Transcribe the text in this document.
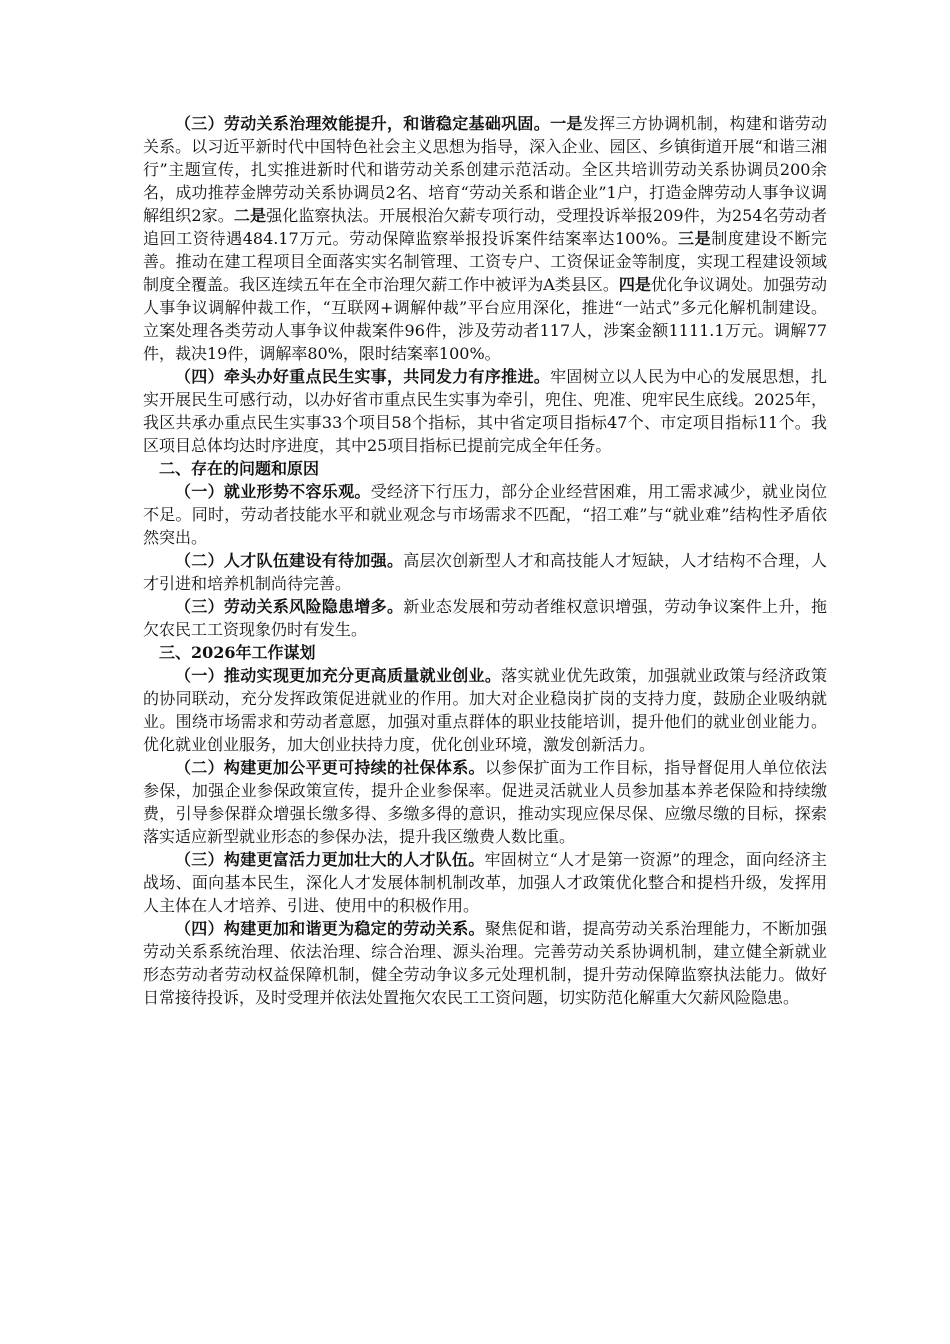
（三）劳动关系治理效能提升，和谐稳定基础巩固。一是发挥三方协调机制，构建和谐劳动关系。以习近平新时代中国特色社会主义思想为指导，深入企业、园区、乡镇街道开展“和谐三湘行”主题宣传，扎实推进新时代和谐劳动关系创建示范活动。全区共培训劳动关系协调员200余名，成功推荐金牌劳动关系协调员2名、培育“劳动关系和谐企业”1户，打造金牌劳动人事争议调解组织2家。二是强化监察执法。开展根治欠薪专项行动，受理投诉举报209件，为254名劳动者追回工资待遇484.17万元。劳动保障监察举报投诉案件结案率达100%。三是制度建设不断完善。推动在建工程项目全面落实实名制管理、工资专户、工资保证金等制度，实现工程建设领域制度全覆盖。我区连续五年在全市治理欠薪工作中被评为A类县区。四是优化争议调处。加强劳动人事争议调解仲裁工作，“互联网+调解仲裁”平台应用深化，推进“一站式”多元化解机制建设。立案处理各类劳动人事争议仲裁案件96件，涉及劳动者117人，涉案金额1111.1万元。调解77件，裁决19件，调解率80%，限时结案率100%。

（四）牵头办好重点民生实事，共同发力有序推进。牢固树立以人民为中心的发展思想，扎实开展民生可感行动，以办好省市重点民生实事为牵引，兜住、兜准、兜牢民生底线。2025年，我区共承办重点民生实事33个项目58个指标，其中省定项目指标47个、市定项目指标11个。我区项目总体均达时序进度，其中25项目指标已提前完成全年任务。

二、存在的问题和原因

（一）就业形势不容乐观。受经济下行压力，部分企业经营困难，用工需求减少，就业岗位不足。同时，劳动者技能水平和就业观念与市场需求不匹配，“招工难”与“就业难”结构性矛盾依然突出。

（二）人才队伍建设有待加强。高层次创新型人才和高技能人才短缺，人才结构不合理，人才引进和培养机制尚待完善。

（三）劳动关系风险隐患增多。新业态发展和劳动者维权意识增强，劳动争议案件上升，拖欠农民工工资现象仍时有发生。

三、2026年工作谋划

（一）推动实现更加充分更高质量就业创业。落实就业优先政策，加强就业政策与经济政策的协同联动，充分发挥政策促进就业的作用。加大对企业稳岗扩岗的支持力度，鼓励企业吸纳就业。围绕市场需求和劳动者意愿，加强对重点群体的职业技能培训，提升他们的就业创业能力。优化就业创业服务，加大创业扶持力度，优化创业环境，激发创新活力。

（二）构建更加公平更可持续的社保体系。以参保扩面为工作目标，指导督促用人单位依法参保，加强企业参保政策宣传，提升企业参保率。促进灵活就业人员参加基本养老保险和持续缴费，引导参保群众增强长缴多得、多缴多得的意识，推动实现应保尽保、应缴尽缴的目标，探索落实适应新型就业形态的参保办法，提升我区缴费人数比重。

（三）构建更富活力更加壮大的人才队伍。牢固树立“人才是第一资源”的理念，面向经济主战场、面向基本民生，深化人才发展体制机制改革，加强人才政策优化整合和提档升级，发挥用人主体在人才培养、引进、使用中的积极作用。

（四）构建更加和谐更为稳定的劳动关系。聚焦促和谐，提高劳动关系治理能力，不断加强劳动关系系统治理、依法治理、综合治理、源头治理。完善劳动关系协调机制，建立健全新就业形态劳动者劳动权益保障机制，健全劳动争议多元处理机制，提升劳动保障监察执法能力。做好日常接待投诉，及时受理并依法处置拖欠农民工工资问题，切实防范化解重大欠薪风险隐患。
